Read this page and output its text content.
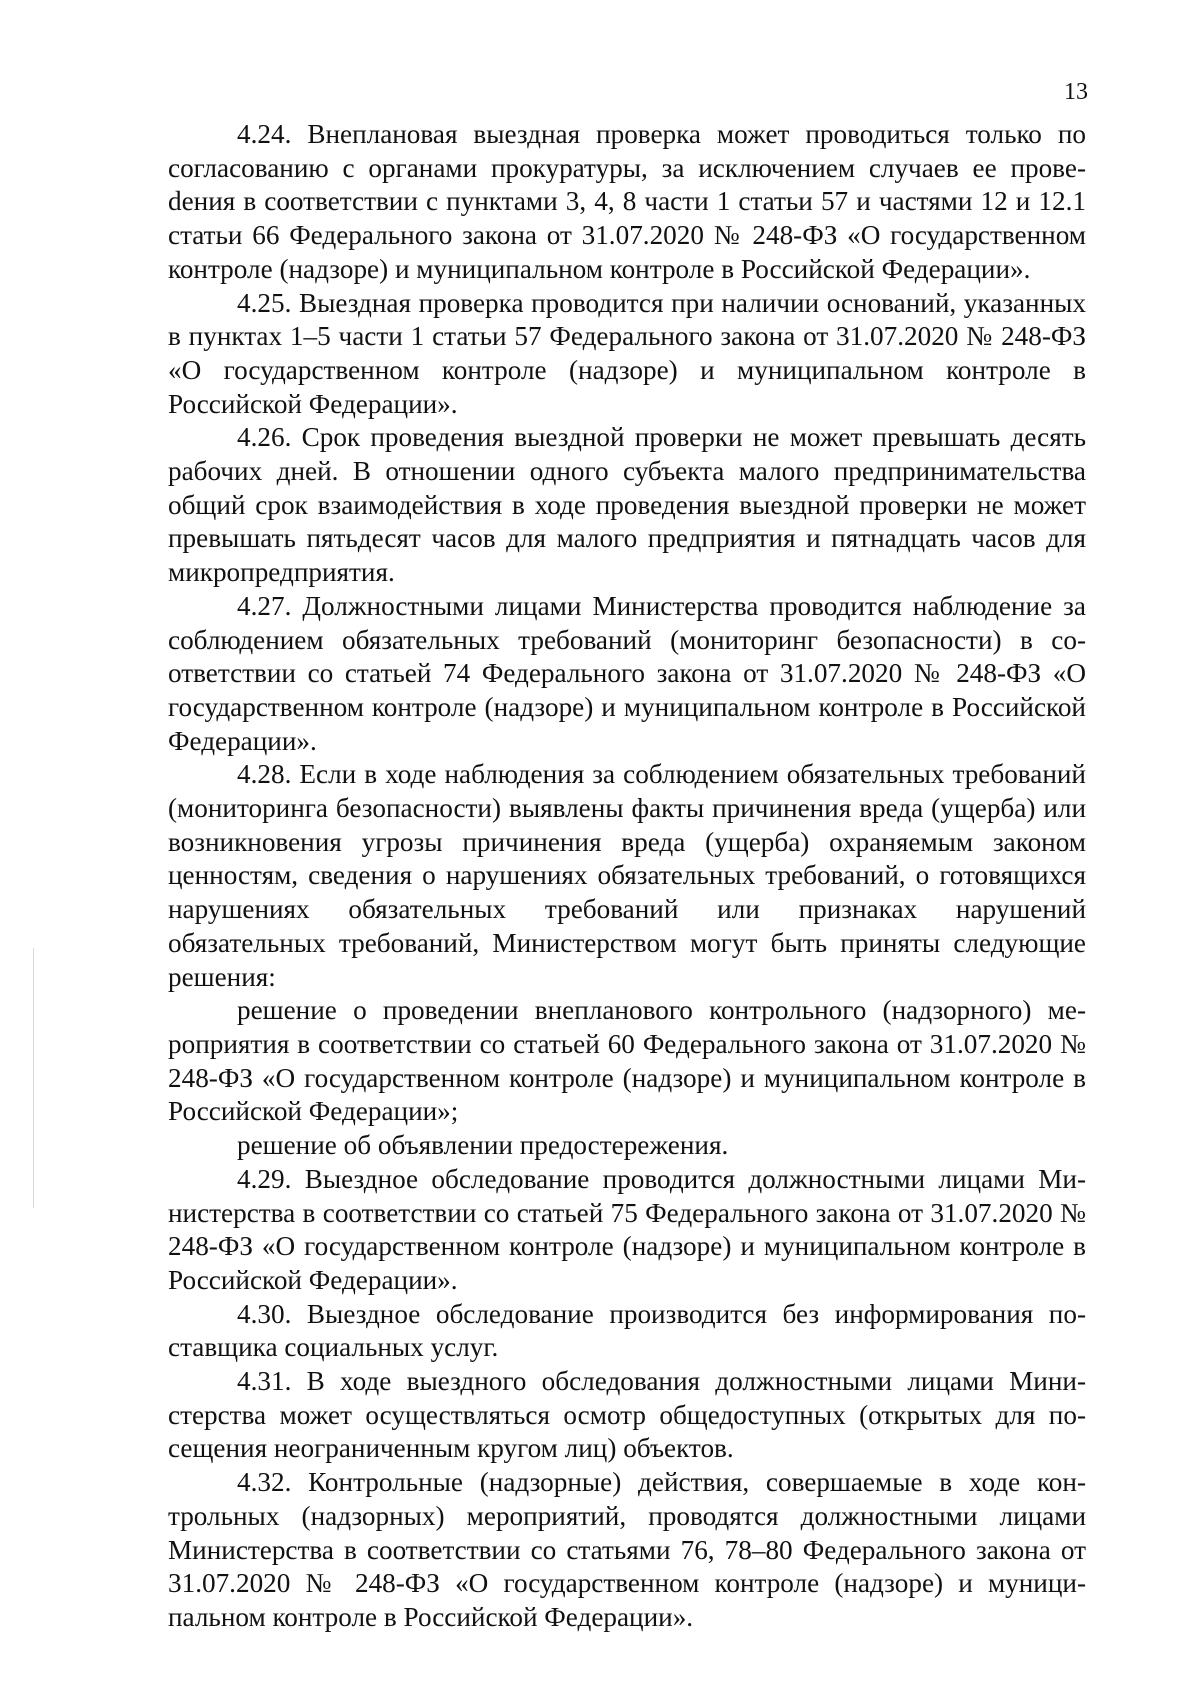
13

4.24. Внеплановая выездная проверка может проводиться только по согласованию с органами прокуратуры, за исключением случаев ее провеdения в соответствии с пунктами 3, 4, 8 части 1 статьи 57 и частями 12 и 12.1 статьи 66 Федерального закона от 31.07.2020 № 248-ФЗ «О государственном контроле (надзоре) и муниципальном контроле в Российской Федерации».

4.25. Выездная проверка проводится при наличии оснований, указанных в пунктах 1–5 части 1 статьи 57 Федерального закона от 31.07.2020 № 248-ФЗ «О государственном контроле (надзоре) и муниципальном контроле в Российской Федерации».

4.26. Срок проведения выездной проверки не может превышать десять рабочих дней. В отношении одного субъекта малого предпринимательства общий срок взаимодействия в ходе проведения выездной проверки не может превышать пятьдесят часов для малого предприятия и пятнадцать часов для микропредприятия.

4.27. Должностными лицами Министерства проводится наблюдение за соблюдением обязательных требований (мониторинг безопасности) в соответствии со статьей 74 Федерального закона от 31.07.2020 № 248-ФЗ «О государственном контроле (надзоре) и муниципальном контроле в Российской Федерации».

4.28. Если в ходе наблюдения за соблюдением обязательных требований (мониторинга безопасности) выявлены факты причинения вреда (ущерба) или возникновения угрозы причинения вреда (ущерба) охраняемым законом ценностям, сведения о нарушениях обязательных требований, о готовящихся нарушениях обязательных требований или признаках нарушений обязательных требований, Министерством могут быть приняты следующие решения:

решение о проведении внепланового контрольного (надзорного) мероприятия в соответствии со статьей 60 Федерального закона от 31.07.2020 № 248-ФЗ «О государственном контроле (надзоре) и муниципальном контроле в Российской Федерации»;

решение об объявлении предостережения.

4.29. Выездное обследование проводится должностными лицами Министерства в соответствии со статьей 75 Федерального закона от 31.07.2020 № 248-ФЗ «О государственном контроле (надзоре) и муниципальном контроле в Российской Федерации».

4.30. Выездное обследование производится без информирования поставщика социальных услуг.

4.31. В ходе выездного обследования должностными лицами Министерства может осуществляться осмотр общедоступных (открытых для посещения неограниченным кругом лиц) объектов.

4.32. Контрольные (надзорные) действия, совершаемые в ходе контрольных (надзорных) мероприятий, проводятся должностными лицами Министерства в соответствии со статьями 76, 78–80 Федерального закона от 31.07.2020 № 248-ФЗ «О государственном контроле (надзоре) и муниципальном контроле в Российской Федерации».
